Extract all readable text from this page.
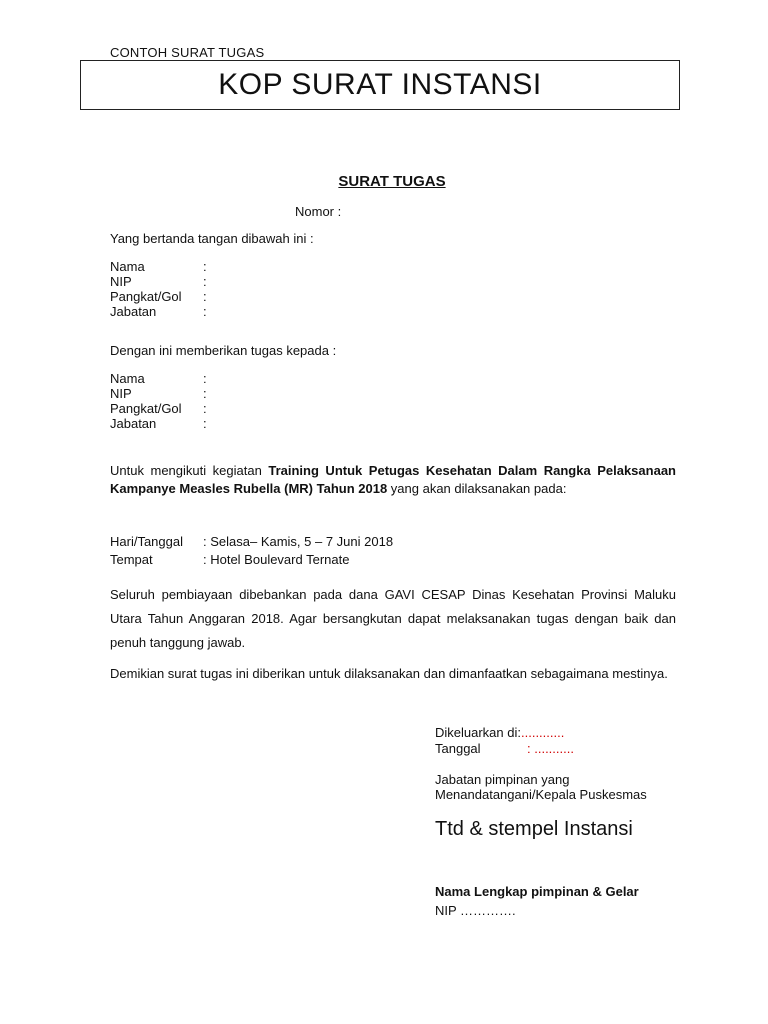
CONTOH SURAT TUGAS
KOP SURAT INSTANSI
SURAT TUGAS
Nomor :
Yang bertanda tangan dibawah ini :
Nama	:
NIP	:
Pangkat/Gol	:
Jabatan	:
Dengan ini memberikan tugas kepada :
Nama	:
NIP	:
Pangkat/Gol	:
Jabatan	:
Untuk mengikuti kegiatan Training Untuk Petugas Kesehatan Dalam Rangka Pelaksanaan Kampanye Measles Rubella (MR) Tahun 2018 yang akan dilaksanakan pada:
Hari/Tanggal	: Selasa– Kamis, 5 – 7 Juni 2018
Tempat	: Hotel Boulevard Ternate
Seluruh pembiayaan dibebankan pada dana GAVI CESAP Dinas Kesehatan Provinsi Maluku Utara Tahun Anggaran 2018. Agar bersangkutan dapat melaksanakan tugas dengan baik dan penuh tanggung jawab.
Demikian surat tugas ini diberikan untuk dilaksanakan dan dimanfaatkan sebagaimana mestinya.
Dikeluarkan di:............
Tanggal	: ...........
Jabatan pimpinan yang
Menandatangani/Kepala Puskesmas
Ttd & stempel Instansi
Nama Lengkap pimpinan & Gelar
NIP ………….
